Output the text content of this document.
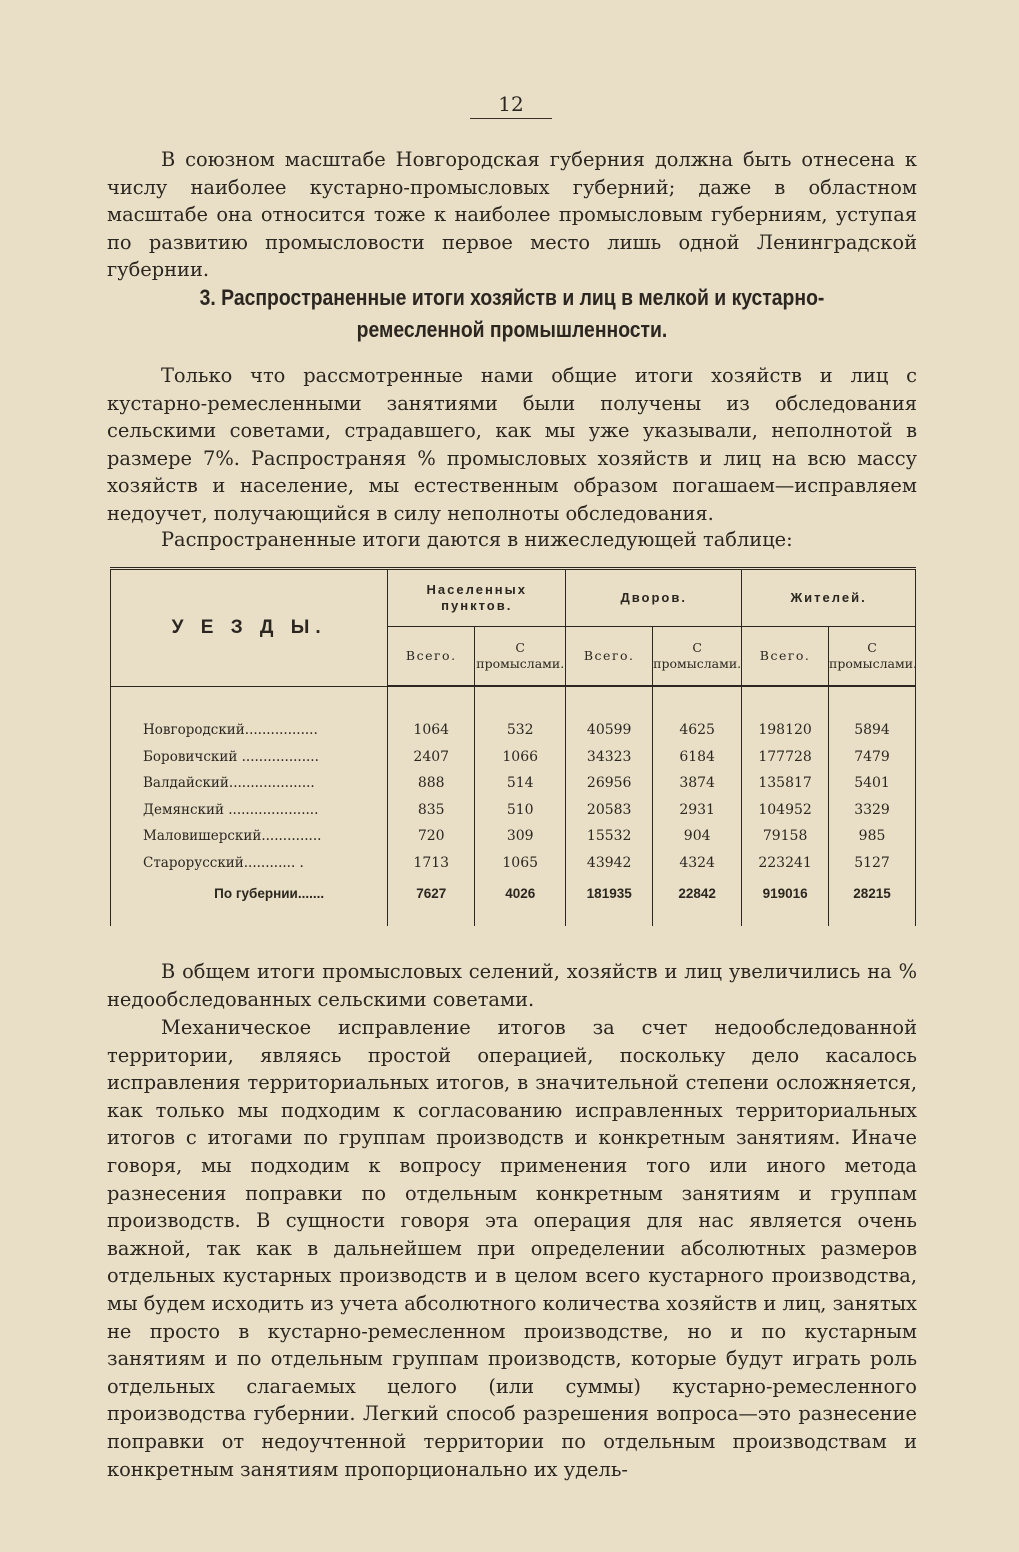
12

В союзном масштабе Новгородская губерния должна быть отнесена к числу наиболее кустарно-промысловых губерний; даже в областном масштабе она относится тоже к наиболее промысловым губерниям, уступая по развитию промысловости первое место лишь одной Ленинградской губернии.

3. Распространенные итоги хозяйств и лиц в мелкой и кустарно-ремесленной промышленности.

Только что рассмотренные нами общие итоги хозяйств и лиц с кустарно-ремесленными занятиями были получены из обследования сельскими советами, страдавшего, как мы уже указывали, неполнотой в размере 7%. Распространяя % промысловых хозяйств и лиц на всю массу хозяйств и население, мы естественным образом погашаем—исправляем недоучет, получающийся в силу неполноты обследования.

Распространенные итоги даются в нижеследующей таблице:

У Е З Д Ы.	Населенных пунктов.		Дворов.		Жителей.	
	Всего.	С промыслами.	Всего.	С промыслами.	Всего.	С промыслами.

Новгородский.................	1064	532	40599	4625	198120	5894
Боровичский ..................	2407	1066	34323	6184	177728	7479
Валдайский....................	888	514	26956	3874	135817	5401
Демянский .....................	835	510	20583	2931	104952	3329
Маловишерский..............	720	309	15532	904	79158	985
Старорусский............ .	1713	1065	43942	4324	223241	5127
По губернии.......	7627	4026	181935	22842	919016	28215

В общем итоги промысловых селений, хозяйств и лиц увеличились на % недообследованных сельскими советами.

Механическое исправление итогов за счет недообследованной территории, являясь простой операцией, поскольку дело касалось исправления территориальных итогов, в значительной степени осложняется, как только мы подходим к согласованию исправленных территориальных итогов с итогами по группам производств и конкретным занятиям. Иначе говоря, мы подходим к вопросу применения того или иного метода разнесения поправки по отдельным конкретным занятиям и группам производств. В сущности говоря эта операция для нас является очень важной, так как в дальнейшем при определении абсолютных размеров отдельных кустарных производств и в целом всего кустарного производства, мы будем исходить из учета абсолютного количества хозяйств и лиц, занятых не просто в кустарно-ремесленном производстве, но и по кустарным занятиям и по отдельным группам производств, которые будут играть роль отдельных слагаемых целого (или суммы) кустарно-ремесленного производства губернии. Легкий способ разрешения вопроса—это разнесение поправки от недоучтенной территории по отдельным производствам и конкретным занятиям пропорционально их удель-
